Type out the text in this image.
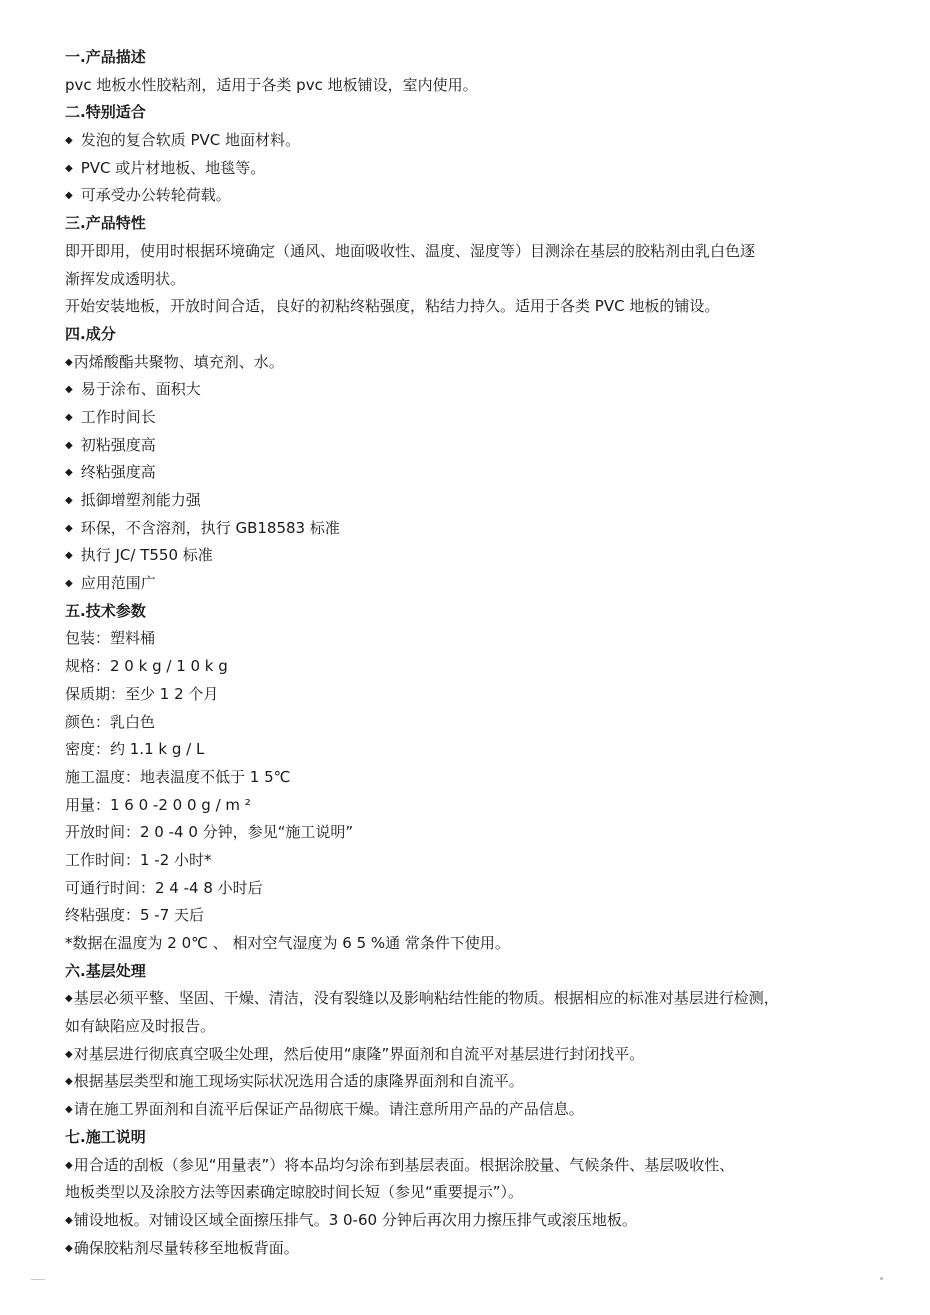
一.产品描述
pvc 地板水性胶粘剂，适用于各类 pvc 地板铺设，室内使用。
二.特别适合
◆ 发泡的复合软质 PVC 地面材料。
◆ PVC 或片材地板、地毯等。
◆ 可承受办公转轮荷载。
三.产品特性
即开即用，使用时根据环境确定（通风、地面吸收性、温度、湿度等）目测涂在基层的胶粘剂由乳白色逐
渐挥发成透明状。
开始安装地板，开放时间合适，良好的初粘终粘强度，粘结力持久。适用于各类 PVC 地板的铺设。
四.成分
◆ 丙烯酸酯共聚物、填充剂、水。
◆ 易于涂布、面积大
◆ 工作时间长
◆ 初粘强度高
◆ 终粘强度高
◆ 抵御增塑剂能力强
◆ 环保，不含溶剂，执行 GB18583 标准
◆ 执行 JC/ T550 标准
◆ 应用范围广
五.技术参数
包装：塑料桶
规格：2 0 k g / 1 0 k g
保质期：至少 1 2 个月
颜色：乳白色
密度：约 1.1 k g / L
施工温度：地表温度不低于 1 5℃
用量：1 6 0 -2 0 0 g / m ²
开放时间：2 0 -4 0 分钟，参见“施工说明”
工作时间：1 -2 小时*
可通行时间：2 4 -4 8 小时后
终粘强度：5 -7 天后
*数据在温度为 2 0℃ 、 相对空气湿度为 6 5 %通 常条件下使用。
六.基层处理
◆ 基层必须平整、坚固、干燥、清洁，没有裂缝以及影响粘结性能的物质。根据相应的标准对基层进行检测，
如有缺陷应及时报告。
◆ 对基层进行彻底真空吸尘处理，然后使用“康隆”界面剂和自流平对基层进行封闭找平。
◆ 根据基层类型和施工现场实际状况选用合适的康隆界面剂和自流平。
◆ 请在施工界面剂和自流平后保证产品彻底干燥。请注意所用产品的产品信息。
七.施工说明
◆ 用合适的刮板（参见“用量表”）将本品均匀涂布到基层表面。根据涂胶量、气候条件、基层吸收性、
地板类型以及涂胶方法等因素确定晾胶时间长短（参见“重要提示”）。
◆ 铺设地板。对铺设区域全面擦压排气。3 0-60 分钟后再次用力擦压排气或滚压地板。
◆ 确保胶粘剂尽量转移至地板背面。
